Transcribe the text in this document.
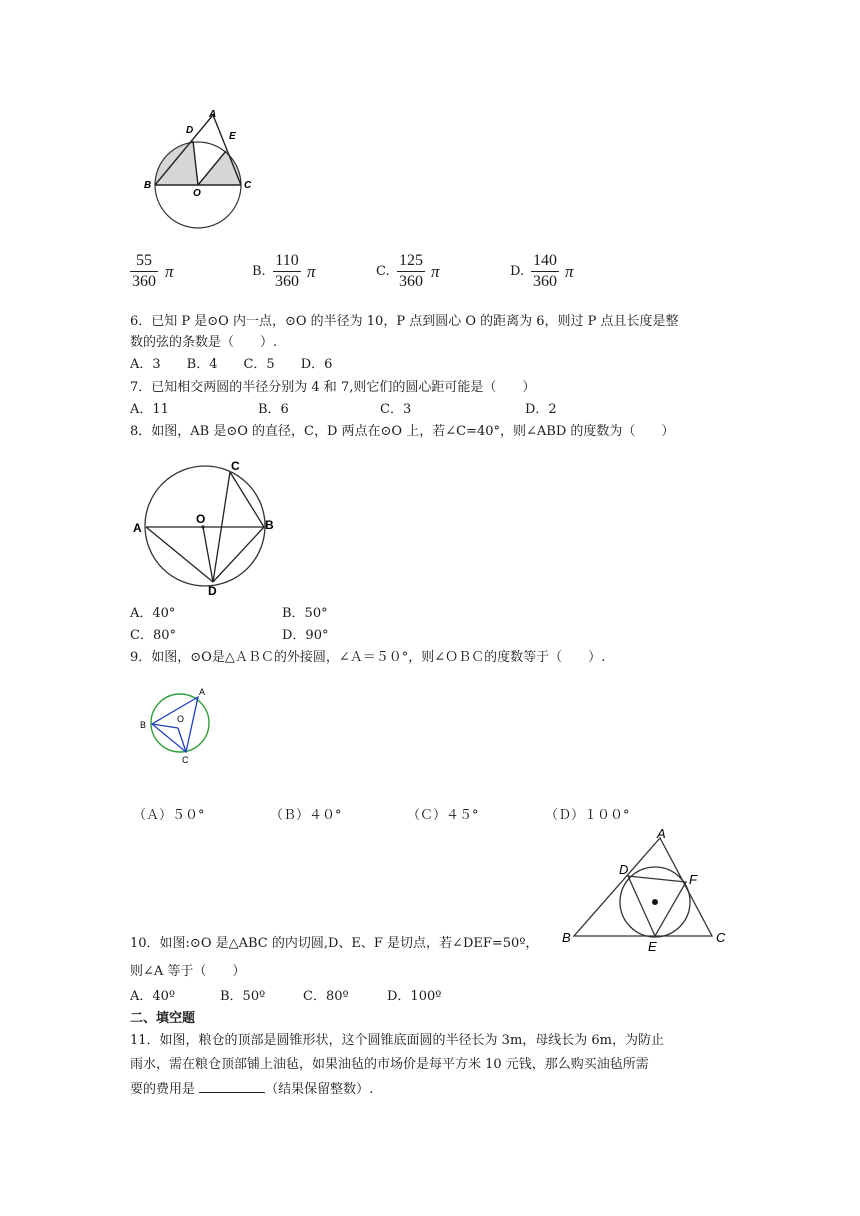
A
D
E
B	C
O
55
360
π	B.
110
360
π	C.
125
360
π	D.
140
360
π
6．已知 P 是⊙O 内一点，⊙O 的半径为 10，P 点到圆心 O 的距离为 6，则过 P 点且长度是整
数的弦的条数是（　　）.
A．3　　B．4　　C．5　　D．6
7．已知相交两圆的半径分别为 4 和 7,则它们的圆心距可能是（　　）
A．11	B．6	C．3	D．2
8．如图，AB 是⊙O 的直径，C，D 两点在⊙O 上，若∠C=40°，则∠ABD 的度数为（　　）
C
O
A	B
D
A．40°	B．50°
C．80°	D．90°
9．如图，⊙O是△ＡＢＣ的外接圆，∠Ａ＝５０°，则∠ＯＢＣ的度数等于（　　）.
A
B
O
C
（Ａ）５０°	（Ｂ）４０°	（Ｃ）４５°	（Ｄ）１００°
A
D
F
B	C
E
10．如图:⊙O 是△ABC 的内切圆,D、E、F 是切点，若∠DEF=50º，
则∠A 等于（　　）
A．40º	B．50º	C．80º	D．100º
二、填空题
11．如图，粮仓的顶部是圆锥形状，这个圆锥底面圆的半径长为 3m，母线长为 6m，为防止
雨水，需在粮仓顶部铺上油毡，如果油毡的市场价是每平方米 10 元钱，那么购买油毡所需
要的费用是	（结果保留整数）.
